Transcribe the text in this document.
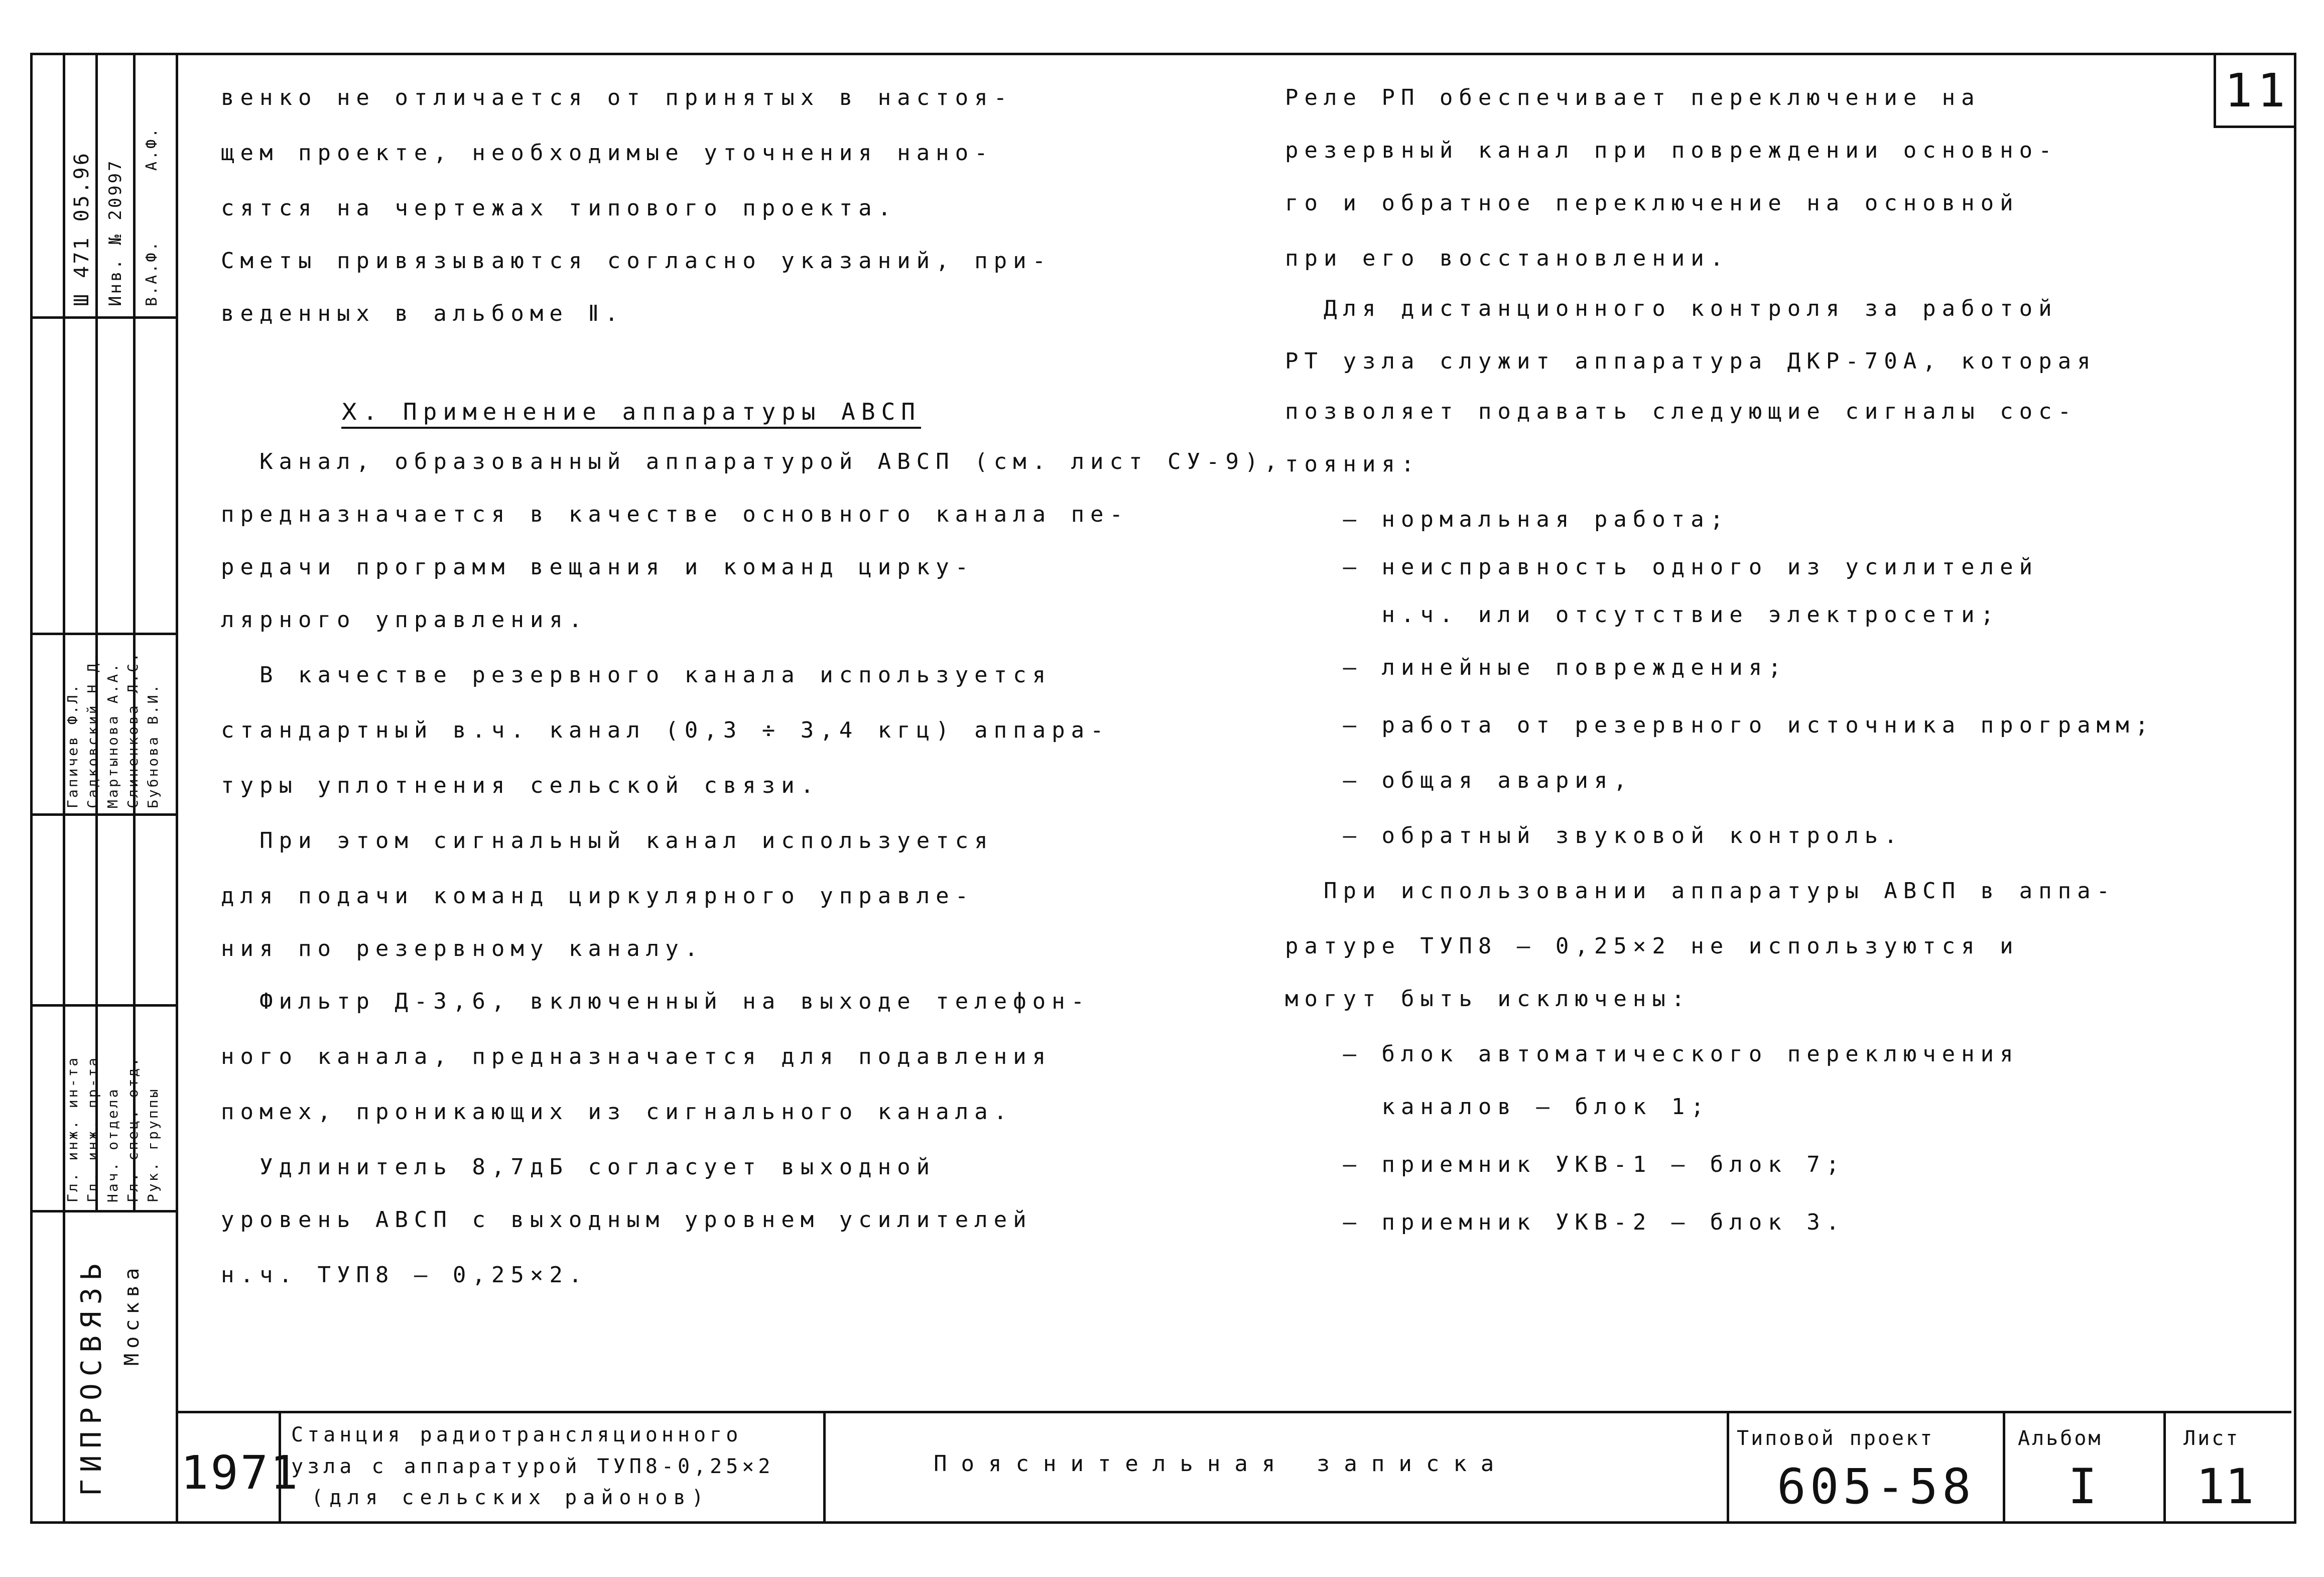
11
венко не отличается от принятых в настоя-
щем проекте, необходимые уточнения нано-
сятся на чертежах типового проекта.
Сметы привязываются согласно указаний, при-
веденных в альбоме Ⅱ.
Ⅹ. Применение аппаратуры АВСП
Канал, образованный аппаратурой АВСП (см. лист СУ-9),
предназначается в качестве основного канала пе-
редачи программ вещания и команд циркy-
лярного управления.
В качестве резервного канала используется
стандартный в.ч. канал (0,3 ÷ 3,4 кгц) аппара-
туры уплотнения сельской связи.
При этом сигнальный канал используется
для подачи команд циркулярного управле-
ния по резервному каналу.
Фильтр Д-3,6, включенный на выходе телефон-
ного канала, предназначается для подавления
помех, проникающих из сигнального канала.
Удлинитель 8,7дБ согласует выходной
уровень АВСП с выходным уровнем усилителей
н.ч. ТУП8 – 0,25×2.
Реле РП обеспечивает переключение на
резервный канал при повреждении основно-
го и обратное переключение на основной
при его восстановлении.
Для дистанционного контроля за работой
РТ узла служит аппаратура ДКР-70А, которая
позволяет подавать следующие сигналы сос-
тояния:
– нормальная работа;
– неисправность одного из усилителей
н.ч. или отсутствие электросети;
– линейные повреждения;
– работа от резервного источника программ;
– общая авария,
– обратный звуковой контроль.
При использовании аппаратуры АВСП в аппа-
ратуре ТУП8 – 0,25×2 не используются и
могут быть исключены:
– блок автоматического переключения
каналов – блок 1;
– приемник УКВ-1 – блок 7;
– приемник УКВ-2 – блок 3.
1971
Станция радиотрансляционного
узла с аппаратурой ТУП8-0,25×2
(для сельских районов)
Пояснительная записка
Типовой проект
605-58
Альбом
I
Лист
11
ГИПРОСВЯЗЬ Москва
Ш 471 05.96 Инв. № 20997 В.А.Ф.
А.Ф.
Гл. инж. ин-та Гл. инж. пр-та Нач. отдела Гл. спец. отд. Рук. группы
Гапичев Ф.Л. Садковский Н.Д. Мартынова А.А. Слиненкова Л.С. Бубнова В.И.
